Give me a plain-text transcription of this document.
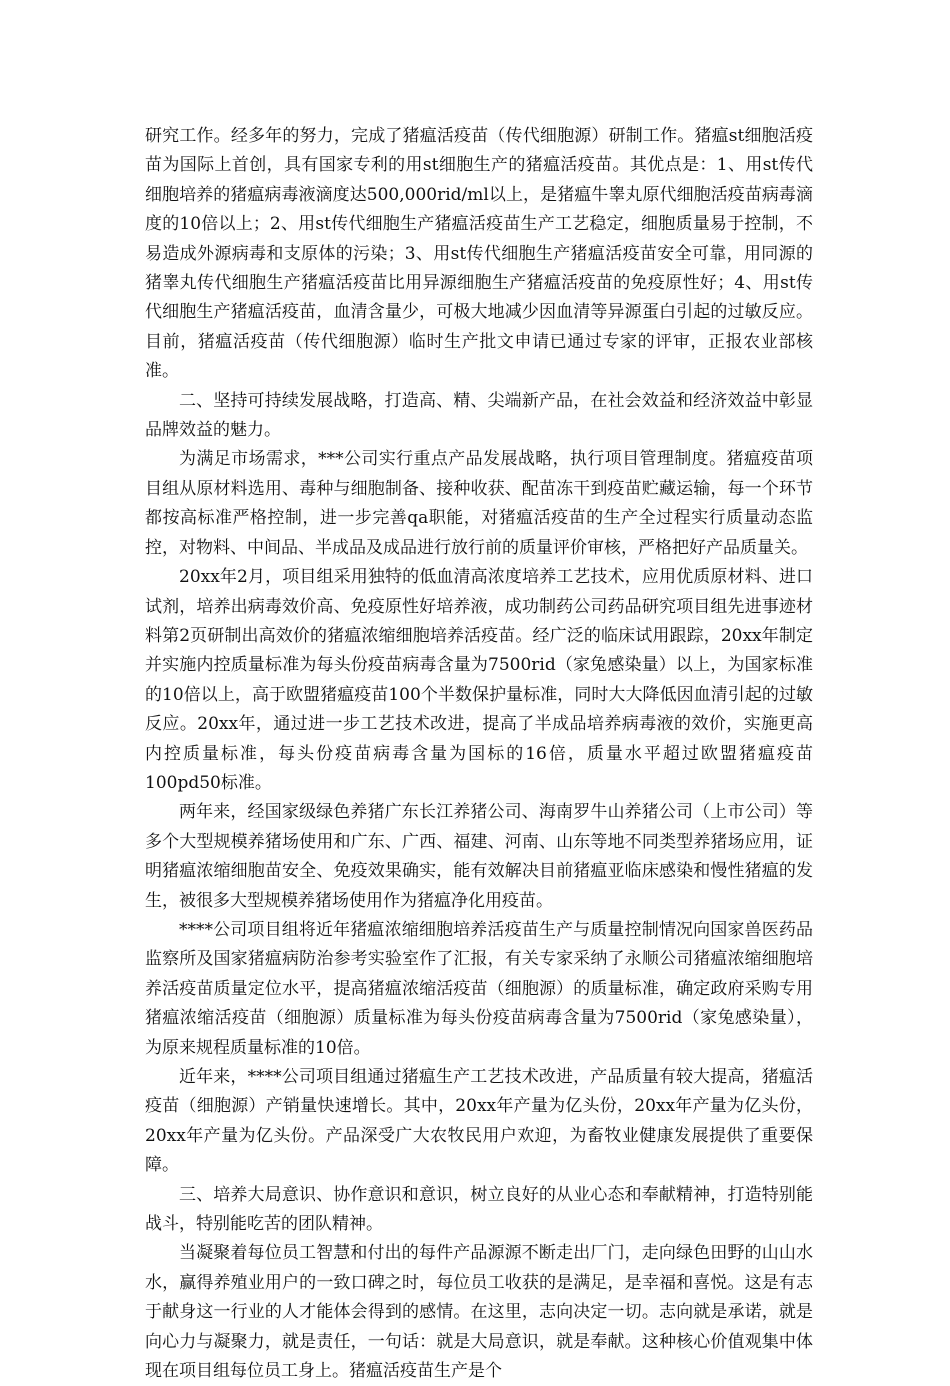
研究工作。经多年的努力，完成了猪瘟活疫苗（传代细胞源）研制工作。猪瘟st细胞活疫苗为国际上首创，具有国家专利的用st细胞生产的猪瘟活疫苗。其优点是：1、用st传代细胞培养的猪瘟病毒液滴度达500,000rid/ml以上，是猪瘟牛睾丸原代细胞活疫苗病毒滴度的10倍以上；2、用st传代细胞生产猪瘟活疫苗生产工艺稳定，细胞质量易于控制，不易造成外源病毒和支原体的污染；3、用st传代细胞生产猪瘟活疫苗安全可靠，用同源的猪睾丸传代细胞生产猪瘟活疫苗比用异源细胞生产猪瘟活疫苗的免疫原性好；4、用st传代细胞生产猪瘟活疫苗，血清含量少，可极大地减少因血清等异源蛋白引起的过敏反应。目前，猪瘟活疫苗（传代细胞源）临时生产批文申请已通过专家的评审，正报农业部核准。

二、坚持可持续发展战略，打造高、精、尖端新产品，在社会效益和经济效益中彰显品牌效益的魅力。

为满足市场需求，***公司实行重点产品发展战略，执行项目管理制度。猪瘟疫苗项目组从原材料选用、毒种与细胞制备、接种收获、配苗冻干到疫苗贮藏运输，每一个环节都按高标准严格控制，进一步完善qa职能，对猪瘟活疫苗的生产全过程实行质量动态监控，对物料、中间品、半成品及成品进行放行前的质量评价审核，严格把好产品质量关。

20xx年2月，项目组采用独特的低血清高浓度培养工艺技术，应用优质原材料、进口试剂，培养出病毒效价高、免疫原性好培养液，成功制药公司药品研究项目组先进事迹材料第2页研制出高效价的猪瘟浓缩细胞培养活疫苗。经广泛的临床试用跟踪，20xx年制定并实施内控质量标准为每头份疫苗病毒含量为7500rid（家兔感染量）以上，为国家标准的10倍以上，高于欧盟猪瘟疫苗100个半数保护量标准，同时大大降低因血清引起的过敏反应。20xx年，通过进一步工艺技术改进，提高了半成品培养病毒液的效价，实施更高内控质量标准，每头份疫苗病毒含量为国标的16倍，质量水平超过欧盟猪瘟疫苗100pd50标准。

两年来，经国家级绿色养猪广东长江养猪公司、海南罗牛山养猪公司（上市公司）等多个大型规模养猪场使用和广东、广西、福建、河南、山东等地不同类型养猪场应用，证明猪瘟浓缩细胞苗安全、免疫效果确实，能有效解决目前猪瘟亚临床感染和慢性猪瘟的发生，被很多大型规模养猪场使用作为猪瘟净化用疫苗。

****公司项目组将近年猪瘟浓缩细胞培养活疫苗生产与质量控制情况向国家兽医药品监察所及国家猪瘟病防治参考实验室作了汇报，有关专家采纳了永顺公司猪瘟浓缩细胞培养活疫苗质量定位水平，提高猪瘟浓缩活疫苗（细胞源）的质量标准，确定政府采购专用猪瘟浓缩活疫苗（细胞源）质量标准为每头份疫苗病毒含量为7500rid（家兔感染量），为原来规程质量标准的10倍。

近年来，****公司项目组通过猪瘟生产工艺技术改进，产品质量有较大提高，猪瘟活疫苗（细胞源）产销量快速增长。其中，20xx年产量为亿头份，20xx年产量为亿头份，20xx年产量为亿头份。产品深受广大农牧民用户欢迎，为畜牧业健康发展提供了重要保障。

三、培养大局意识、协作意识和意识，树立良好的从业心态和奉献精神，打造特别能战斗，特别能吃苦的团队精神。

当凝聚着每位员工智慧和付出的每件产品源源不断走出厂门，走向绿色田野的山山水水，赢得养殖业用户的一致口碑之时，每位员工收获的是满足，是幸福和喜悦。这是有志于献身这一行业的人才能体会得到的感情。在这里，志向决定一切。志向就是承诺，就是向心力与凝聚力，就是责任，一句话：就是大局意识，就是奉献。这种核心价值观集中体现在项目组每位员工身上。猪瘟活疫苗生产是个
